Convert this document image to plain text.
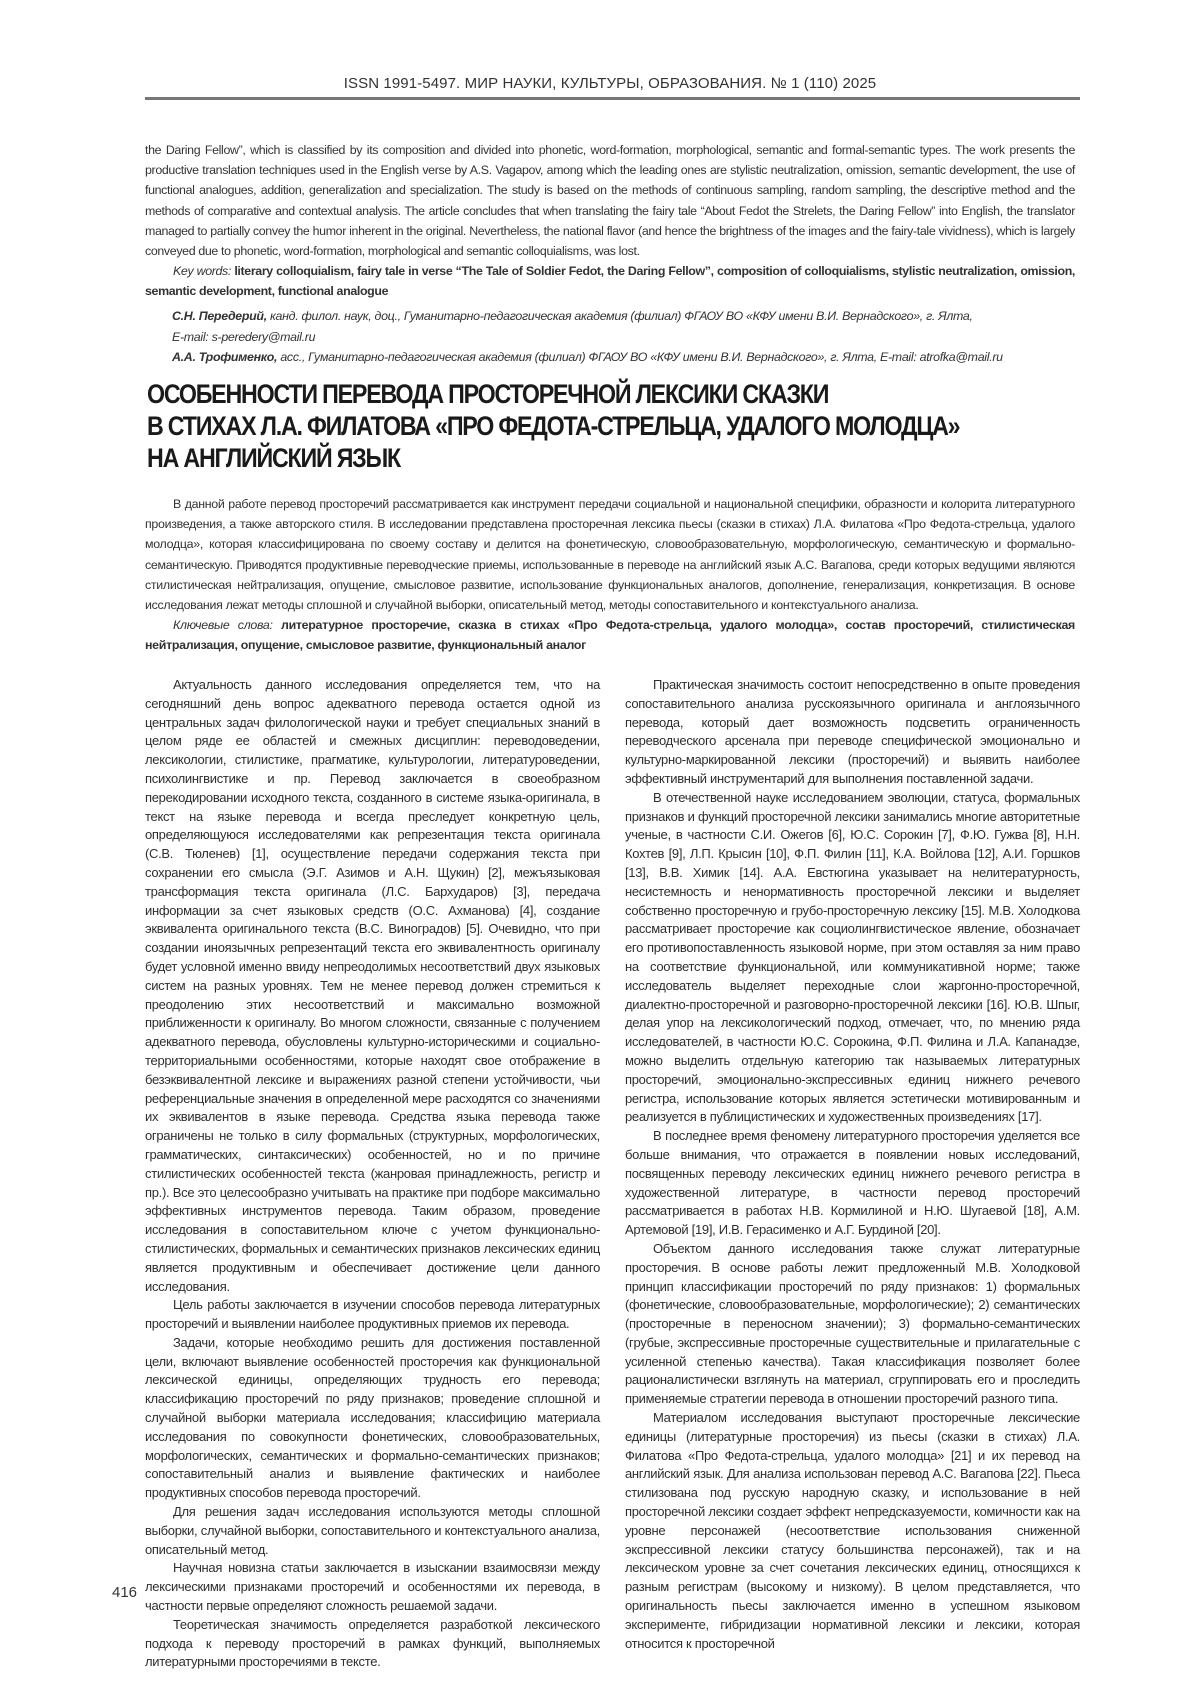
ISSN 1991-5497. МИР НАУКИ, КУЛЬТУРЫ, ОБРАЗОВАНИЯ. № 1 (110) 2025

the Daring Fellow”, which is classified by its composition and divided into phonetic, word-formation, morphological, semantic and formal-semantic types. The work presents the productive translation techniques used in the English verse by A.S. Vagapov, among which the leading ones are stylistic neutralization, omission, semantic development, the use of functional analogues, addition, generalization and specialization. The study is based on the methods of continuous sampling, random sampling, the descriptive method and the methods of comparative and contextual analysis. The article concludes that when translating the fairy tale “About Fedot the Strelets, the Daring Fellow” into English, the translator managed to partially convey the humor inherent in the original. Nevertheless, the national flavor (and hence the brightness of the images and the fairy-tale vividness), which is largely conveyed due to phonetic, word-formation, morphological and semantic colloquialisms, was lost.

Key words: literary colloquialism, fairy tale in verse “The Tale of Soldier Fedot, the Daring Fellow”, composition of colloquialisms, stylistic neutralization, omission, semantic development, functional analogue

С.Н. Передерий, канд. филол. наук, доц., Гуманитарно-педагогическая академия (филиал) ФГАОУ ВО «КФУ имени В.И. Вернадского», г. Ялта,
E-mail: s-peredery@mail.ru
А.А. Трофименко, асс., Гуманитарно-педагогическая академия (филиал) ФГАОУ ВО «КФУ имени В.И. Вернадского», г. Ялта, E-mail: atrofka@mail.ru
ОСОБЕННОСТИ ПЕРЕВОДА ПРОСТОРЕЧНОЙ ЛЕКСИКИ СКАЗКИ
В СТИХАХ Л.А. ФИЛАТОВА «ПРО ФЕДОТА-СТРЕЛЬЦА, УДАЛОГО МОЛОДЦА»
НА АНГЛИЙСКИЙ ЯЗЫК

В данной работе перевод просторечий рассматривается как инструмент передачи социальной и национальной специфики, образности и колорита литературного произведения, а также авторского стиля. В исследовании представлена просторечная лексика пьесы (сказки в стихах) Л.А. Филатова «Про Федота-стрельца, удалого молодца», которая классифицирована по своему составу и делится на фонетическую, словообразовательную, морфологическую, семантическую и формально-семантическую. Приводятся продуктивные переводческие приемы, использованные в переводе на английский язык А.С. Вагапова, среди которых ведущими являются стилистическая нейтрализация, опущение, смысловое развитие, использование функциональных аналогов, дополнение, генерализация, конкретизация. В основе исследования лежат методы сплошной и случайной выборки, описательный метод, методы сопоставительного и контекстуального анализа.

Ключевые слова: литературное просторечие, сказка в стихах «Про Федота-стрельца, удалого молодца», состав просторечий, стилистическая нейтрализация, опущение, смысловое развитие, функциональный аналог

Актуальность данного исследования определяется тем, что на сегодняшний день вопрос адекватного перевода остается одной из центральных задач филологической науки и требует специальных знаний в целом ряде ее областей и смежных дисциплин: переводоведении, лексикологии, стилистике, прагматике, культурологии, литературоведении, психолингвистике и пр. Перевод заключается в своеобразном перекодировании исходного текста, созданного в системе языка-оригинала, в текст на языке перевода и всегда преследует конкретную цель, определяющуюся исследователями как репрезентация текста оригинала (С.В. Тюленев) [1], осуществление передачи содержания текста при сохранении его смысла (Э.Г. Азимов и А.Н. Щукин) [2], межъязыковая трансформация текста оригинала (Л.С. Бархударов) [3], передача информации за счет языковых средств (О.С. Ахманова) [4], создание эквивалента оригинального текста (В.С. Виноградов) [5]. Очевидно, что при создании иноязычных репрезентаций текста его эквивалентность оригиналу будет условной именно ввиду непреодолимых несоответствий двух языковых систем на разных уровнях. Тем не менее перевод должен стремиться к преодолению этих несоответствий и максимально возможной приближенности к оригиналу. Во многом сложности, связанные с получением адекватного перевода, обусловлены культурно-историческими и социально-территориальными особенностями, которые находят свое отображение в безэквивалентной лексике и выражениях разной степени устойчивости, чьи референциальные значения в определенной мере расходятся со значениями их эквивалентов в языке перевода. Средства языка перевода также ограничены не только в силу формальных (структурных, морфологических, грамматических, синтаксических) особенностей, но и по причине стилистических особенностей текста (жанровая принадлежность, регистр и пр.). Все это целесообразно учитывать на практике при подборе максимально эффективных инструментов перевода. Таким образом, проведение исследования в сопоставительном ключе с учетом функционально-стилистических, формальных и семантических признаков лексических единиц является продуктивным и обеспечивает достижение цели данного исследования.

Цель работы заключается в изучении способов перевода литературных просторечий и выявлении наиболее продуктивных приемов их перевода.

Задачи, которые необходимо решить для достижения поставленной цели, включают выявление особенностей просторечия как функциональной лексической единицы, определяющих трудность его перевода; классификацию просторечий по ряду признаков; проведение сплошной и случайной выборки материала исследования; классифицию материала исследования по совокупности фонетических, словообразовательных, морфологических, семантических и формально-семантических признаков; сопоставительный анализ и выявление фактических и наиболее продуктивных способов перевода просторечий.

Для решения задач исследования используются методы сплошной выборки, случайной выборки, сопоставительного и контекстуального анализа, описательный метод.

Научная новизна статьи заключается в изыскании взаимосвязи между лексическими признаками просторечий и особенностями их перевода, в частности первые определяют сложность решаемой задачи.

Теоретическая значимость определяется разработкой лексического подхода к переводу просторечий в рамках функций, выполняемых литературными просторечиями в тексте.

Практическая значимость состоит непосредственно в опыте проведения сопоставительного анализа русскоязычного оригинала и англоязычного перевода, который дает возможность подсветить ограниченность переводческого арсенала при переводе специфической эмоционально и культурно-маркированной лексики (просторечий) и выявить наиболее эффективный инструментарий для выполнения поставленной задачи.

В отечественной науке исследованием эволюции, статуса, формальных признаков и функций просторечной лексики занимались многие авторитетные ученые, в частности С.И. Ожегов [6], Ю.С. Сорокин [7], Ф.Ю. Гужва [8], Н.Н. Кохтев [9], Л.П. Крысин [10], Ф.П. Филин [11], К.А. Войлова [12], А.И. Горшков [13], В.В. Химик [14]. А.А. Евстюгина указывает на нелитературность, несистемность и ненормативность просторечной лексики и выделяет собственно просторечную и грубо-просторечную лексику [15]. М.В. Холодкова рассматривает просторечие как социолингвистическое явление, обозначает его противопоставленность языковой норме, при этом оставляя за ним право на соответствие функциональной, или коммуникативной норме; также исследователь выделяет переходные слои жаргонно-просторечной, диалектно-просторечной и разговорно-просторечной лексики [16]. Ю.В. Шпыг, делая упор на лексикологический подход, отмечает, что, по мнению ряда исследователей, в частности Ю.С. Сорокина, Ф.П. Филина и Л.А. Капанадзе, можно выделить отдельную категорию так называемых литературных просторечий, эмоционально-экспрессивных единиц нижнего речевого регистра, использование которых является эстетически мотивированным и реализуется в публицистических и художественных произведениях [17].

В последнее время феномену литературного просторечия уделяется все больше внимания, что отражается в появлении новых исследований, посвященных переводу лексических единиц нижнего речевого регистра в художественной литературе, в частности перевод просторечий рассматривается в работах Н.В. Кормилиной и Н.Ю. Шугаевой [18], А.М. Артемовой [19], И.В. Герасименко и А.Г. Бурдиной [20].

Объектом данного исследования также служат литературные просторечия. В основе работы лежит предложенный М.В. Холодковой принцип классификации просторечий по ряду признаков: 1) формальных (фонетические, словообразовательные, морфологические); 2) семантических (просторечные в переносном значении); 3) формально-семантических (грубые, экспрессивные просторечные существительные и прилагательные с усиленной степенью качества). Такая классификация позволяет более рационалистически взглянуть на материал, сгруппировать его и проследить применяемые стратегии перевода в отношении просторечий разного типа.

Материалом исследования выступают просторечные лексические единицы (литературные просторечия) из пьесы (сказки в стихах) Л.А. Филатова «Про Федота-стрельца, удалого молодца» [21] и их перевод на английский язык. Для анализа использован перевод А.С. Вагапова [22]. Пьеса стилизована под русскую народную сказку, и использование в ней просторечной лексики создает эффект непредсказуемости, комичности как на уровне персонажей (несоответствие использования сниженной экспрессивной лексики статусу большинства персонажей), так и на лексическом уровне за счет сочетания лексических единиц, относящихся к разным регистрам (высокому и низкому). В целом представляется, что оригинальность пьесы заключается именно в успешном языковом эксперименте, гибридизации нормативной лексики и лексики, которая относится к просторечной

416
